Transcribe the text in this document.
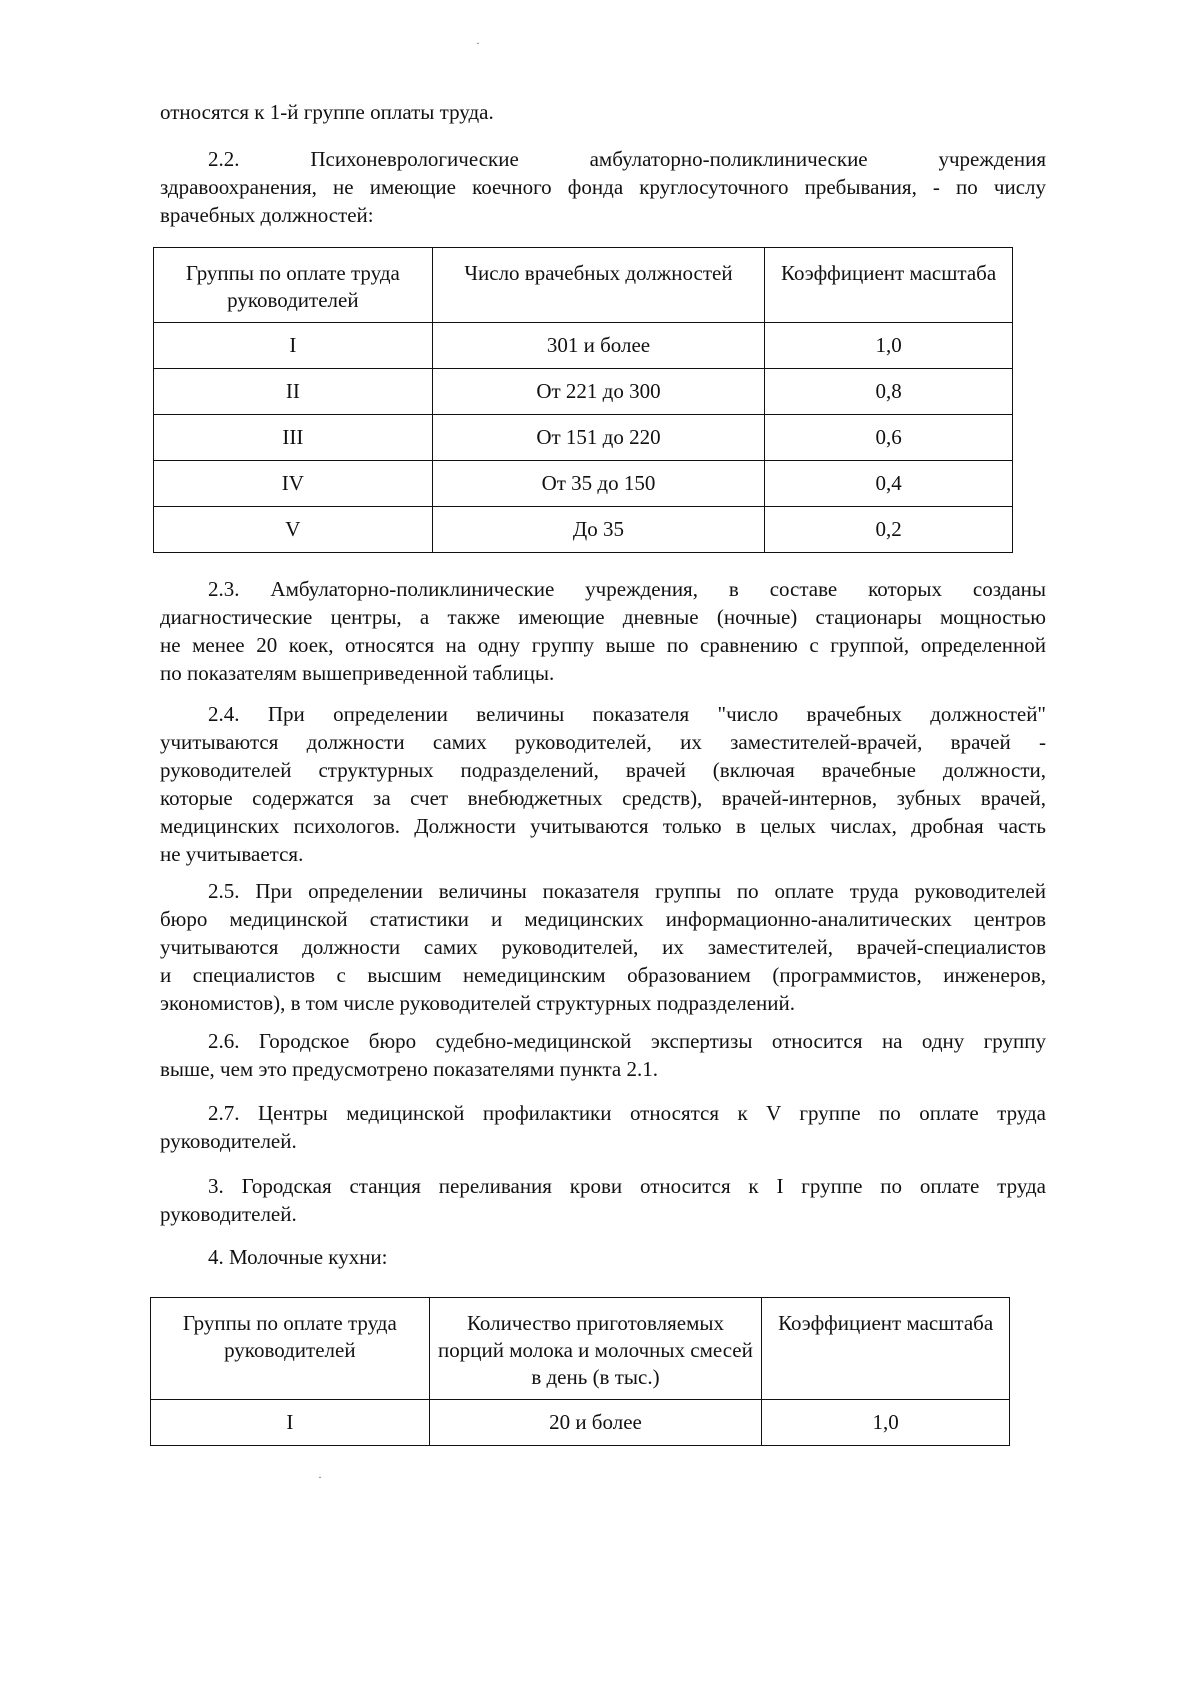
·

относятся к 1-й группе оплаты труда.

2.2. Психоневрологические амбулаторно-поликлинические учреждения
здравоохранения, не имеющие коечного фонда круглосуточного пребывания, - по числу
врачебных должностей:

Группы по оплате труда руководителей	Число врачебных должностей	Коэффициент масштаба
I	301 и более	1,0
II	От 221 до 300	0,8
III	От 151 до 220	0,6
IV	От 35 до 150	0,4
V	До 35	0,2

2.3. Амбулаторно-поликлинические учреждения, в составе которых созданы
диагностические центры, а также имеющие дневные (ночные) стационары мощностью
не менее 20 коек, относятся на одну группу выше по сравнению с группой, определенной
по показателям вышеприведенной таблицы.

2.4. При определении величины показателя "число врачебных должностей"
учитываются должности самих руководителей, их заместителей-врачей, врачей -
руководителей структурных подразделений, врачей (включая врачебные должности,
которые содержатся за счет внебюджетных средств), врачей-интернов, зубных врачей,
медицинских психологов. Должности учитываются только в целых числах, дробная часть
не учитывается.

2.5. При определении величины показателя группы по оплате труда руководителей
бюро медицинской статистики и медицинских информационно-аналитических центров
учитываются должности самих руководителей, их заместителей, врачей-специалистов
и специалистов с высшим немедицинским образованием (программистов, инженеров,
экономистов), в том числе руководителей структурных подразделений.

2.6. Городское бюро судебно-медицинской экспертизы относится на одну группу
выше, чем это предусмотрено показателями пункта 2.1.

2.7. Центры медицинской профилактики относятся к V группе по оплате труда
руководителей.

3. Городская станция переливания крови относится к I группе по оплате труда
руководителей.

4. Молочные кухни:

Группы по оплате труда руководителей	Количество приготовляемых порций молока и молочных смесей в день (в тыс.)	Коэффициент масштаба
I	20 и более	1,0
·
